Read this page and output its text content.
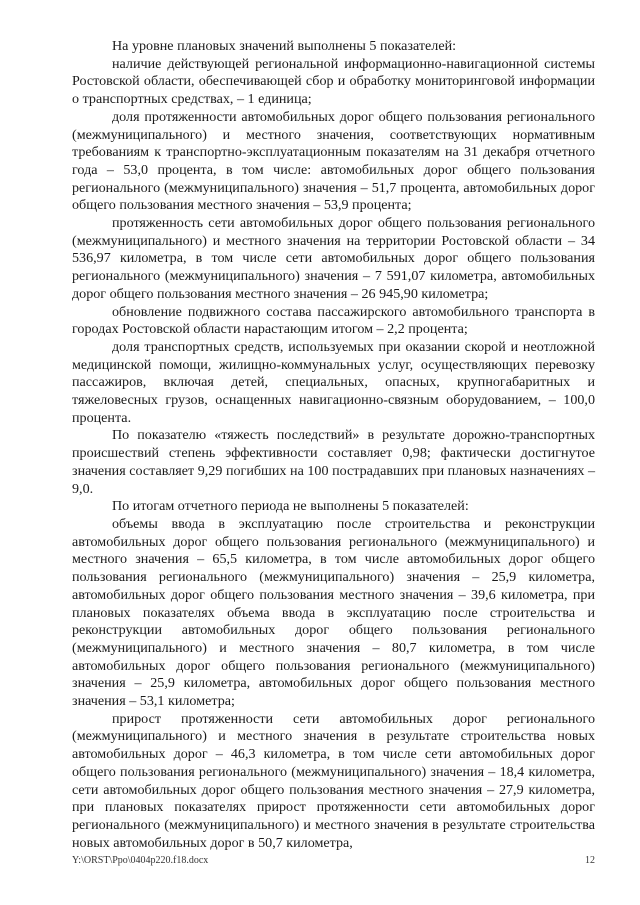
На уровне плановых значений выполнены 5 показателей:

наличие действующей региональной информационно-навигационной системы Ростовской области, обеспечивающей сбор и обработку мониторинговой информации о транспортных средствах, – 1 единица;

доля протяженности автомобильных дорог общего пользования регионального (межмуниципального) и местного значения, соответствующих нормативным требованиям к транспортно-эксплуатационным показателям на 31 декабря отчетного года – 53,0 процента, в том числе: автомобильных дорог общего пользования регионального (межмуниципального) значения – 51,7 процента, автомобильных дорог общего пользования местного значения – 53,9 процента;

протяженность сети автомобильных дорог общего пользования регионального (межмуниципального) и местного значения на территории Ростовской области – 34 536,97 километра, в том числе сети автомобильных дорог общего пользования регионального (межмуниципального) значения – 7 591,07 километра, автомобильных дорог общего пользования местного значения – 26 945,90 километра;

обновление подвижного состава пассажирского автомобильного транспорта в городах Ростовской области нарастающим итогом – 2,2 процента;

доля транспортных средств, используемых при оказании скорой и неотложной медицинской помощи, жилищно-коммунальных услуг, осуществляющих перевозку пассажиров, включая детей, специальных, опасных, крупногабаритных и тяжеловесных грузов, оснащенных навигационно-связным оборудованием, – 100,0 процента.

По показателю «тяжесть последствий» в результате дорожно-транспортных происшествий степень эффективности составляет 0,98; фактически достигнутое значения составляет 9,29 погибших на 100 пострадавших при плановых назначениях – 9,0.

По итогам отчетного периода не выполнены 5 показателей:

объемы ввода в эксплуатацию после строительства и реконструкции автомобильных дорог общего пользования регионального (межмуниципального) и местного значения – 65,5 километра, в том числе автомобильных дорог общего пользования регионального (межмуниципального) значения – 25,9 километра, автомобильных дорог общего пользования местного значения – 39,6 километра, при плановых показателях объема ввода в эксплуатацию после строительства и реконструкции автомобильных дорог общего пользования регионального (межмуниципального) и местного значения – 80,7 километра, в том числе автомобильных дорог общего пользования регионального (межмуниципального) значения – 25,9 километра, автомобильных дорог общего пользования местного значения – 53,1 километра;

прирост протяженности сети автомобильных дорог регионального (межмуниципального) и местного значения в результате строительства новых автомобильных дорог – 46,3 километра, в том числе сети автомобильных дорог общего пользования регионального (межмуниципального) значения – 18,4 километра, сети автомобильных дорог общего пользования местного значения – 27,9 километра, при плановых показателях прирост протяженности сети автомобильных дорог регионального (межмуниципального) и местного значения в результате строительства новых автомобильных дорог в 50,7 километра,

Y:\ORST\Ppo\0404p220.f18.docx	12
